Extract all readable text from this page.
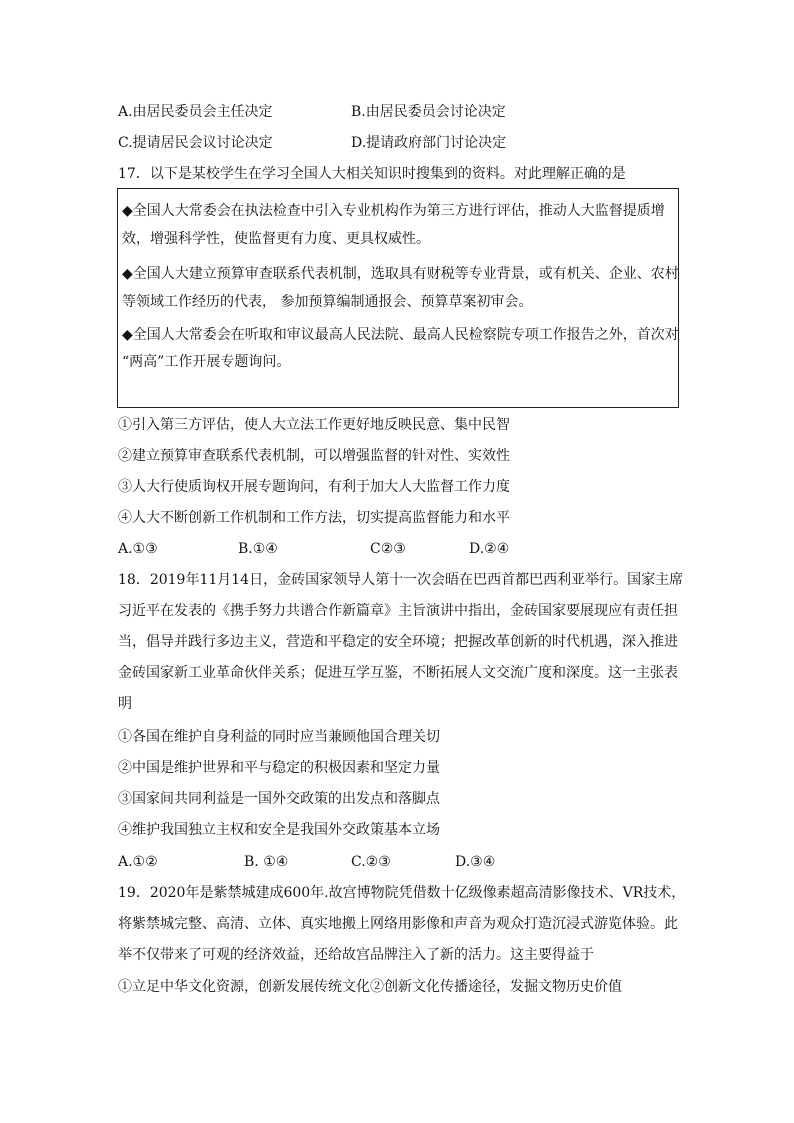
A.由居民委员会主任决定	B.由居民委员会讨论决定
C.提请居民会议讨论决定	D.提请政府部门讨论决定
17．以下是某校学生在学习全国人大相关知识时搜集到的资料。对此理解正确的是
◆全国人大常委会在执法检查中引入专业机构作为第三方进行评估，推动人大监督提质增
效，增强科学性，使监督更有力度、更具权威性。
◆全国人大建立预算审查联系代表机制，选取具有财税等专业背景，或有机关、企业、农村
等领域工作经历的代表， 参加预算编制通报会、预算草案初审会。
◆全国人大常委会在听取和审议最高人民法院、最高人民检察院专项工作报告之外，首次对
“两高”工作开展专题询问。
①引入第三方评估，使人大立法工作更好地反映民意、集中民智
②建立预算审查联系代表机制，可以增强监督的针对性、实效性
③人大行使质询权开展专题询问，有利于加大人大监督工作力度
④人大不断创新工作机制和工作方法，切实提高监督能力和水平
A.①③	B.①④	C②③	D.②④
18．2019年11月14日，金砖国家领导人第十一次会晤在巴西首都巴西利亚举行。国家主席
习近平在发表的《携手努力共谱合作新篇章》主旨演讲中指出，金砖国家要展现应有责任担
当，倡导并践行多边主义，营造和平稳定的安全环境；把握改革创新的时代机遇，深入推进
金砖国家新工业革命伙伴关系；促进互学互鉴，不断拓展人文交流广度和深度。这一主张表
明
①各国在维护自身利益的同时应当兼顾他国合理关切
②中国是维护世界和平与稳定的积极因素和坚定力量
③国家间共同利益是一国外交政策的出发点和落脚点
④维护我国独立主权和安全是我国外交政策基本立场
A.①②	B. ①④	C.②③	D.③④
19．2020年是紫禁城建成600年.故宫博物院凭借数十亿级像素超高清影像技术、VR技术，
将紫禁城完整、高清、立体、真实地搬上网络用影像和声音为观众打造沉浸式游览体验。此
举不仅带来了可观的经济效益，还给故宫品牌注入了新的活力。这主要得益于
①立足中华文化资源，创新发展传统文化②创新文化传播途径，发掘文物历史价值
